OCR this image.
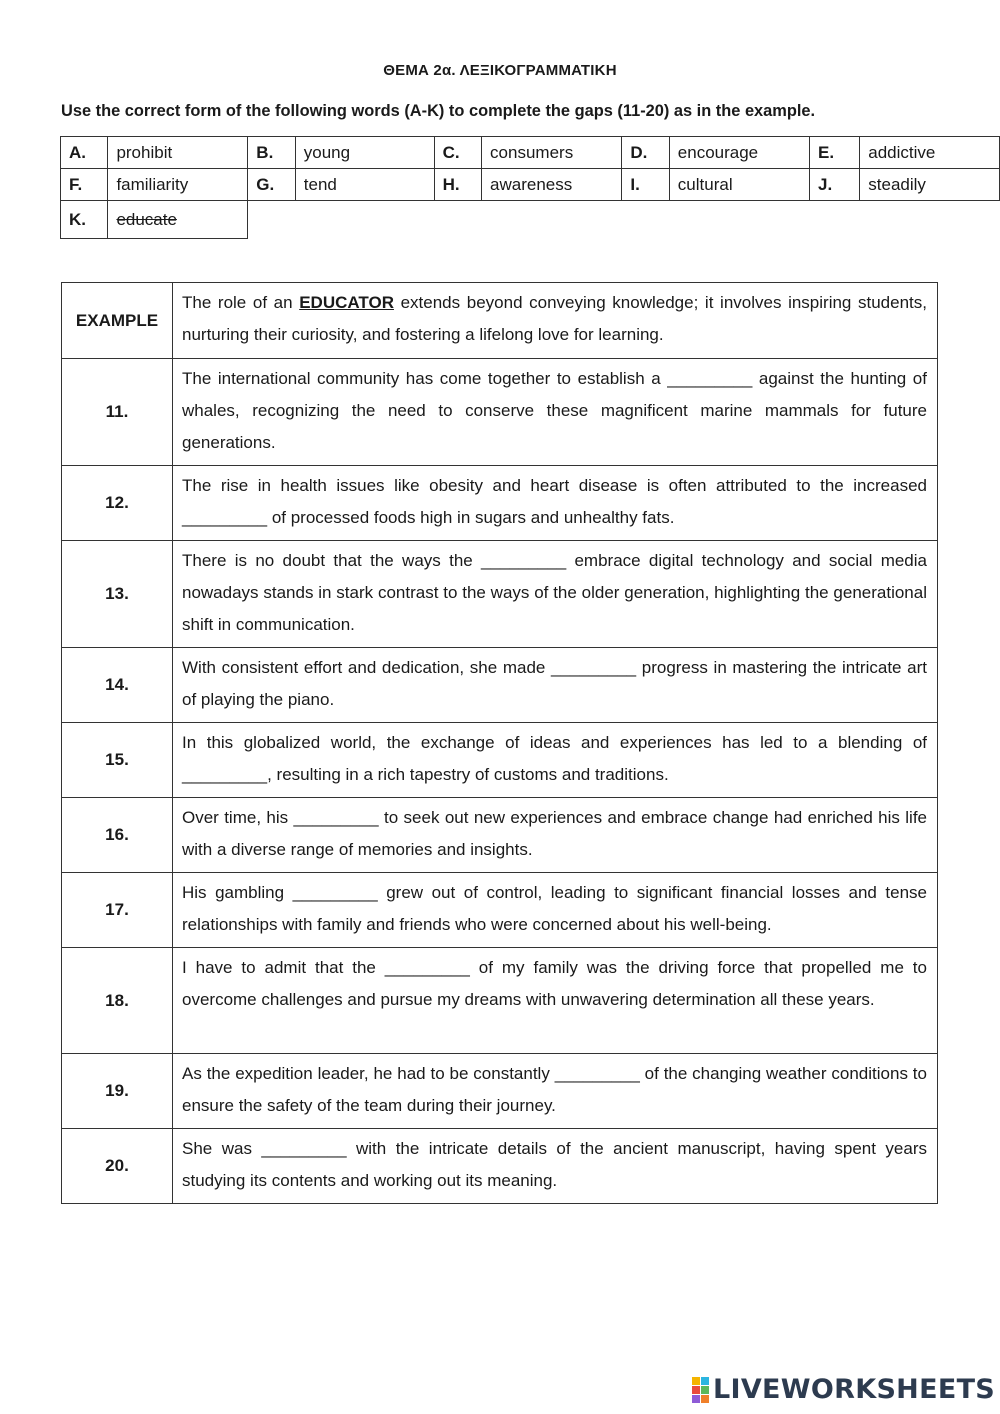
ΘΕΜΑ 2α. ΛΕΞΙΚΟΓΡΑΜΜΑΤΙΚΗ
Use the correct form of the following words (A-K) to complete the gaps (11-20) as in the example.
A.	prohibit	B.	young	C.	consumers	D.	encourage	E.	addictive
F.	familiarity	G.	tend	H.	awareness	I.	cultural	J.	steadily
K.	educate								
EXAMPLE	The role of an EDUCATOR extends beyond conveying knowledge; it involves inspiring students, nurturing their curiosity, and fostering a lifelong love for learning.
11.	The international community has come together to establish a _________ against the hunting of whales, recognizing the need to conserve these magnificent marine mammals for future generations.
12.	The rise in health issues like obesity and heart disease is often attributed to the increased _________ of processed foods high in sugars and unhealthy fats.
13.	There is no doubt that the ways the _________ embrace digital technology and social media nowadays stands in stark contrast to the ways of the older generation, highlighting the generational shift in communication.
14.	With consistent effort and dedication, she made _________ progress in mastering the intricate art of playing the piano.
15.	In this globalized world, the exchange of ideas and experiences has led to a blending of _________, resulting in a rich tapestry of customs and traditions.
16.	Over time, his _________ to seek out new experiences and embrace change had enriched his life with a diverse range of memories and insights.
17.	His gambling _________ grew out of control, leading to significant financial losses and tense relationships with family and friends who were concerned about his well-being.
18.	I have to admit that the _________ of my family was the driving force that propelled me to overcome challenges and pursue my dreams with unwavering determination all these years.
19.	As the expedition leader, he had to be constantly _________ of the changing weather conditions to ensure the safety of the team during their journey.
20.	She was _________ with the intricate details of the ancient manuscript, having spent years studying its contents and working out its meaning.
LIVEWORKSHEETS
